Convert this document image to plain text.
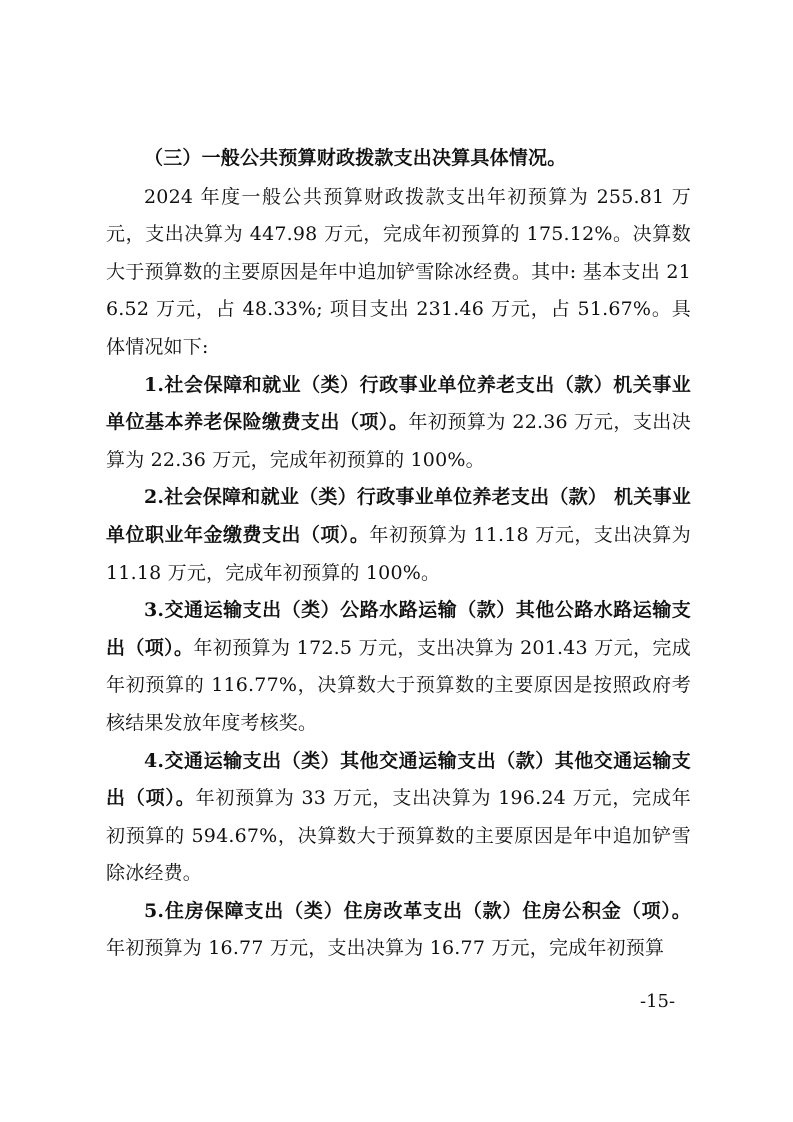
（三）一般公共预算财政拨款支出决算具体情况。

2024 年度一般公共预算财政拨款支出年初预算为 255.81 万元，支出决算为 447.98 万元，完成年初预算的 175.12%。决算数大于预算数的主要原因是年中追加铲雪除冰经费。其中: 基本支出 216.52 万元，占 48.33%; 项目支出 231.46 万元，占 51.67%。具体情况如下:

1.社会保障和就业（类）行政事业单位养老支出（款）机关事业单位基本养老保险缴费支出（项）。年初预算为 22.36 万元，支出决算为 22.36 万元，完成年初预算的 100%。

2.社会保障和就业（类）行政事业单位养老支出（款） 机关事业单位职业年金缴费支出（项）。年初预算为 11.18 万元，支出决算为 11.18 万元，完成年初预算的 100%。

3.交通运输支出（类）公路水路运输（款）其他公路水路运输支出（项）。年初预算为 172.5 万元，支出决算为 201.43 万元，完成年初预算的 116.77%，决算数大于预算数的主要原因是按照政府考核结果发放年度考核奖。

4.交通运输支出（类）其他交通运输支出（款）其他交通运输支出（项）。年初预算为 33 万元，支出决算为 196.24 万元，完成年初预算的 594.67%，决算数大于预算数的主要原因是年中追加铲雪除冰经费。

5.住房保障支出（类）住房改革支出（款）住房公积金（项）。年初预算为 16.77 万元，支出决算为 16.77 万元，完成年初预算

-15-
